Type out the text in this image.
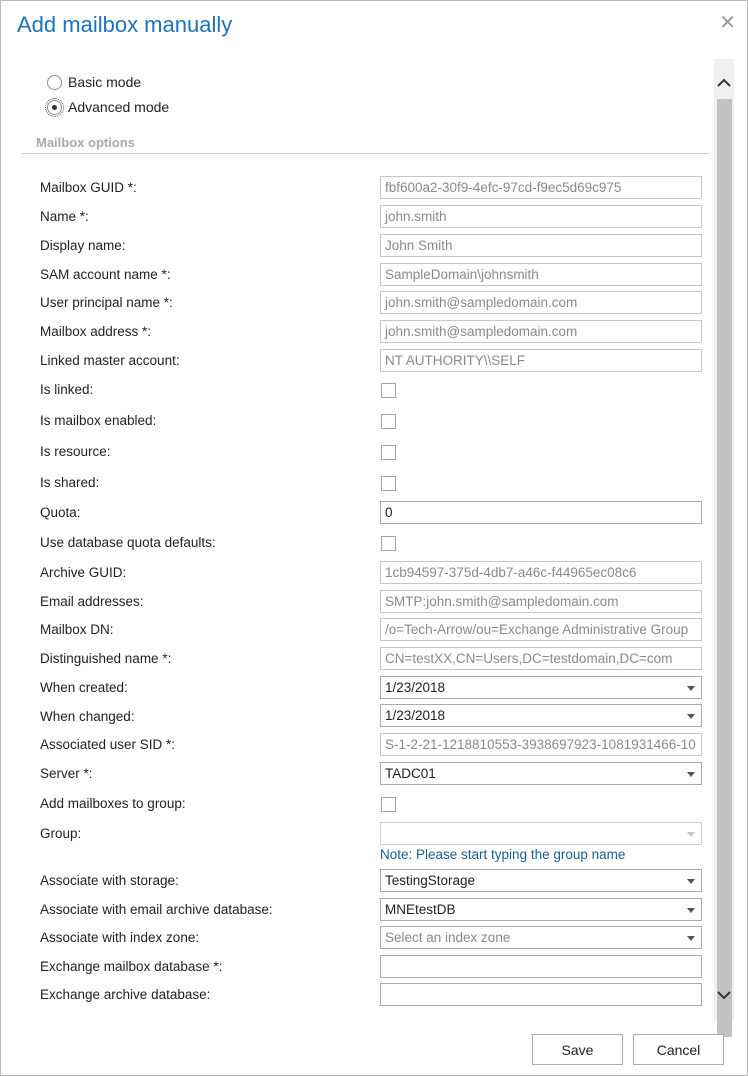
Add mailbox manually	✕
Basic mode
Advanced mode
Mailbox options
Mailbox GUID *:	fbf600a2-30f9-4efc-97cd-f9ec5d69c975
Name *:	john.smith
Display name:	John Smith
SAM account name *:	SampleDomain\johnsmith
User principal name *:	john.smith@sampledomain.com
Mailbox address *:	john.smith@sampledomain.com
Linked master account:	NT AUTHORITY\\SELF
Is linked:
Is mailbox enabled:
Is resource:
Is shared:
Quota:	0
Use database quota defaults:
Archive GUID:	1cb94597-375d-4db7-a46c-f44965ec08c6
Email addresses:	SMTP:john.smith@sampledomain.com
Mailbox DN:	/o=Tech-Arrow/ou=Exchange Administrative Group
Distinguished name *:	CN=testXX,CN=Users,DC=testdomain,DC=com
When created:	1/23/2018
When changed:	1/23/2018
Associated user SID *:	S-1-2-21-1218810553-3938697923-1081931466-10
Server *:	TADC01
Add mailboxes to group:
Group:
Note: Please start typing the group name
Associate with storage:	TestingStorage
Associate with email archive database:	MNEtestDB
Associate with index zone:	Select an index zone
Exchange mailbox database *:
Exchange archive database:
Save	Cancel
